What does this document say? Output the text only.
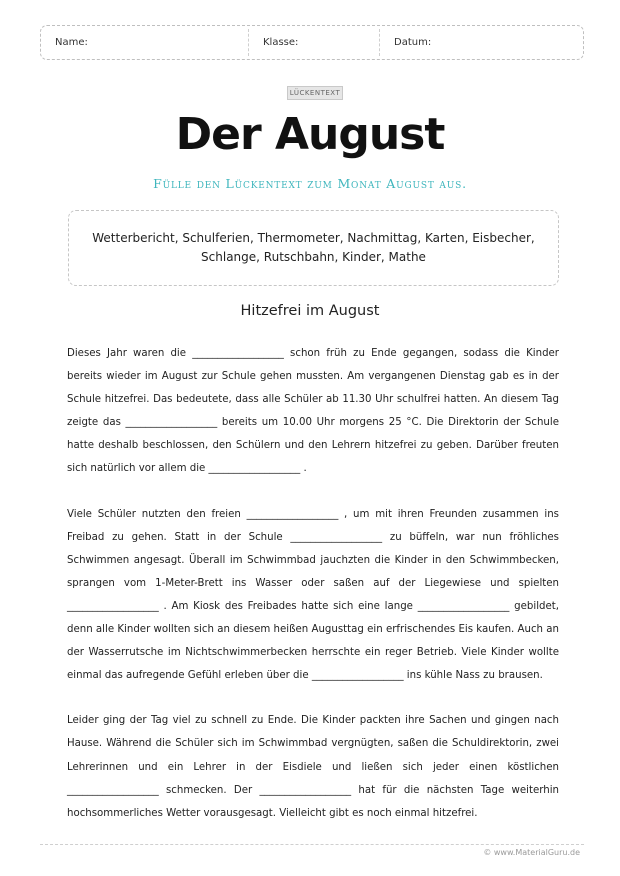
Name:	Klasse:	Datum:
LÜCKENTEXT
Der August
Fülle den Lückentext zum Monat August aus.
Wetterbericht, Schulferien, Thermometer, Nachmittag, Karten, Eisbecher,
Schlange, Rutschbahn, Kinder, Mathe
Hitzefrei im August

Dieses Jahr waren die __________________ schon früh zu Ende gegangen, sodass die Kinder bereits wieder im August zur Schule gehen mussten. Am vergangenen Dienstag gab es in der Schule hitzefrei. Das bedeutete, dass alle Schüler ab 11.30 Uhr schulfrei hatten. An diesem Tag zeigte das __________________ bereits um 10.00 Uhr morgens 25 °C. Die Direktorin der Schule hatte deshalb beschlossen, den Schülern und den Lehrern hitzefrei zu geben. Darüber freuten sich natürlich vor allem die __________________ .

Viele Schüler nutzten den freien __________________ , um mit ihren Freunden zusammen ins Freibad zu gehen. Statt in der Schule __________________ zu büffeln, war nun fröhliches Schwimmen angesagt. Überall im Schwimmbad jauchzten die Kinder in den Schwimmbecken, sprangen vom 1-Meter-Brett ins Wasser oder saßen auf der Liegewiese und spielten __________________ . Am Kiosk des Freibades hatte sich eine lange __________________ gebildet, denn alle Kinder wollten sich an diesem heißen Augusttag ein erfrischendes Eis kaufen. Auch an der Wasserrutsche im Nichtschwimmerbecken herrschte ein reger Betrieb. Viele Kinder wollte einmal das aufregende Gefühl erleben über die __________________ ins kühle Nass zu brausen.

Leider ging der Tag viel zu schnell zu Ende. Die Kinder packten ihre Sachen und gingen nach Hause. Während die Schüler sich im Schwimmbad vergnügten, saßen die Schuldirektorin, zwei Lehrerinnen und ein Lehrer in der Eisdiele und ließen sich jeder einen köstlichen __________________ schmecken. Der __________________ hat für die nächsten Tage weiterhin hochsommerliches Wetter vorausgesagt. Vielleicht gibt es noch einmal hitzefrei.

© www.MaterialGuru.de
